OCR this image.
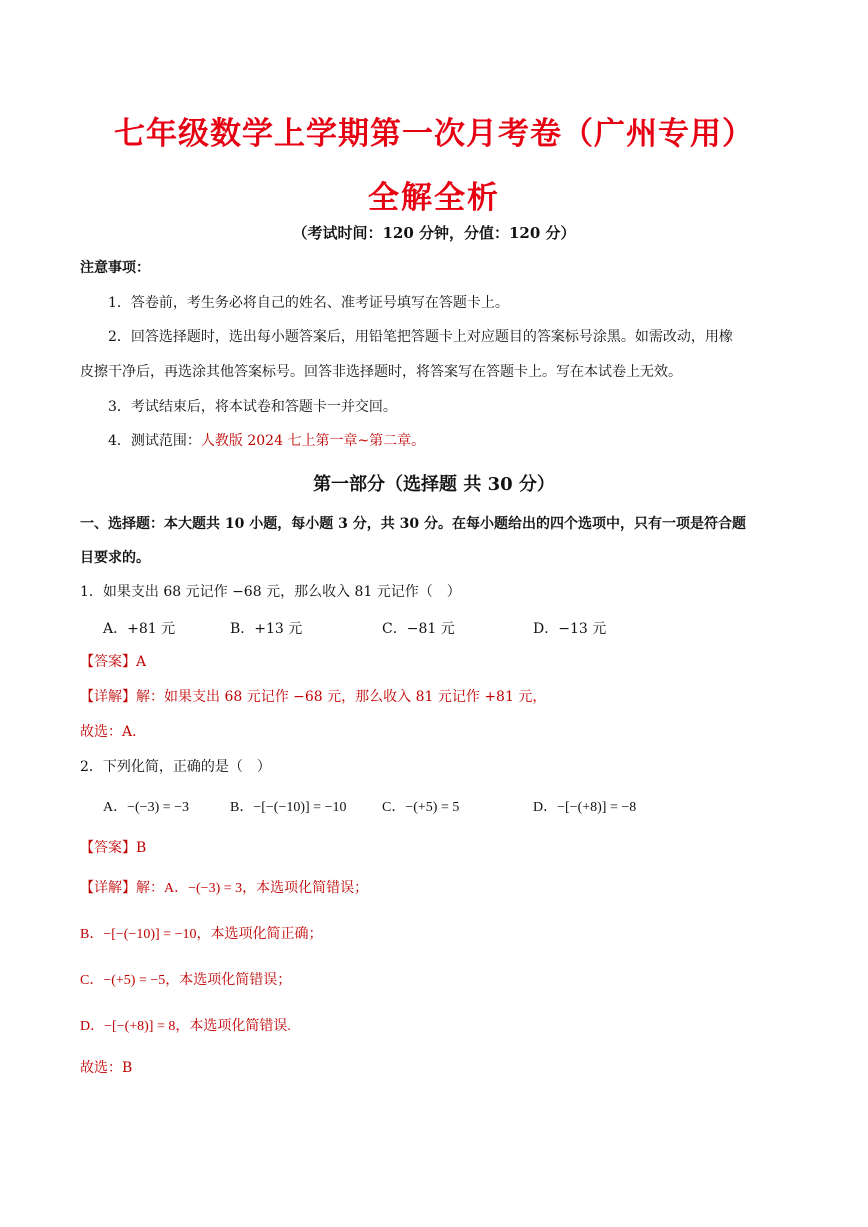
七年级数学上学期第一次月考卷（广州专用）
全解全析
（考试时间：120 分钟，分值：120 分）
注意事项：
1．答卷前，考生务必将自己的姓名、准考证号填写在答题卡上。
2．回答选择题时，选出每小题答案后，用铅笔把答题卡上对应题目的答案标号涂黑。如需改动，用橡
皮擦干净后，再选涂其他答案标号。回答非选择题时，将答案写在答题卡上。写在本试卷上无效。
3．考试结束后，将本试卷和答题卡一并交回。
4．测试范围：人教版 2024 七上第一章~第二章。
第一部分（选择题 共 30 分）
一、选择题：本大题共 10 小题，每小题 3 分，共 30 分。在每小题给出的四个选项中，只有一项是符合题
目要求的。
1．如果支出 68 元记作 −68 元，那么收入 81 元记作（　）
A．+81 元	B．+13 元	C．−81 元	D．−13 元
【答案】A
【详解】解：如果支出 68 元记作 −68 元，那么收入 81 元记作 +81 元，
故选：A．
2．下列化简，正确的是（　）
A．−(−3) = −3	B．−[−(−10)] = −10	C．−(+5) = 5	D．−[−(+8)] = −8
【答案】B
【详解】解：A．−(−3) = 3，本选项化简错误；
B．−[−(−10)] = −10，本选项化简正确；
C．−(+5) = −5，本选项化简错误；
D．−[−(+8)] = 8，本选项化简错误.
故选：B
